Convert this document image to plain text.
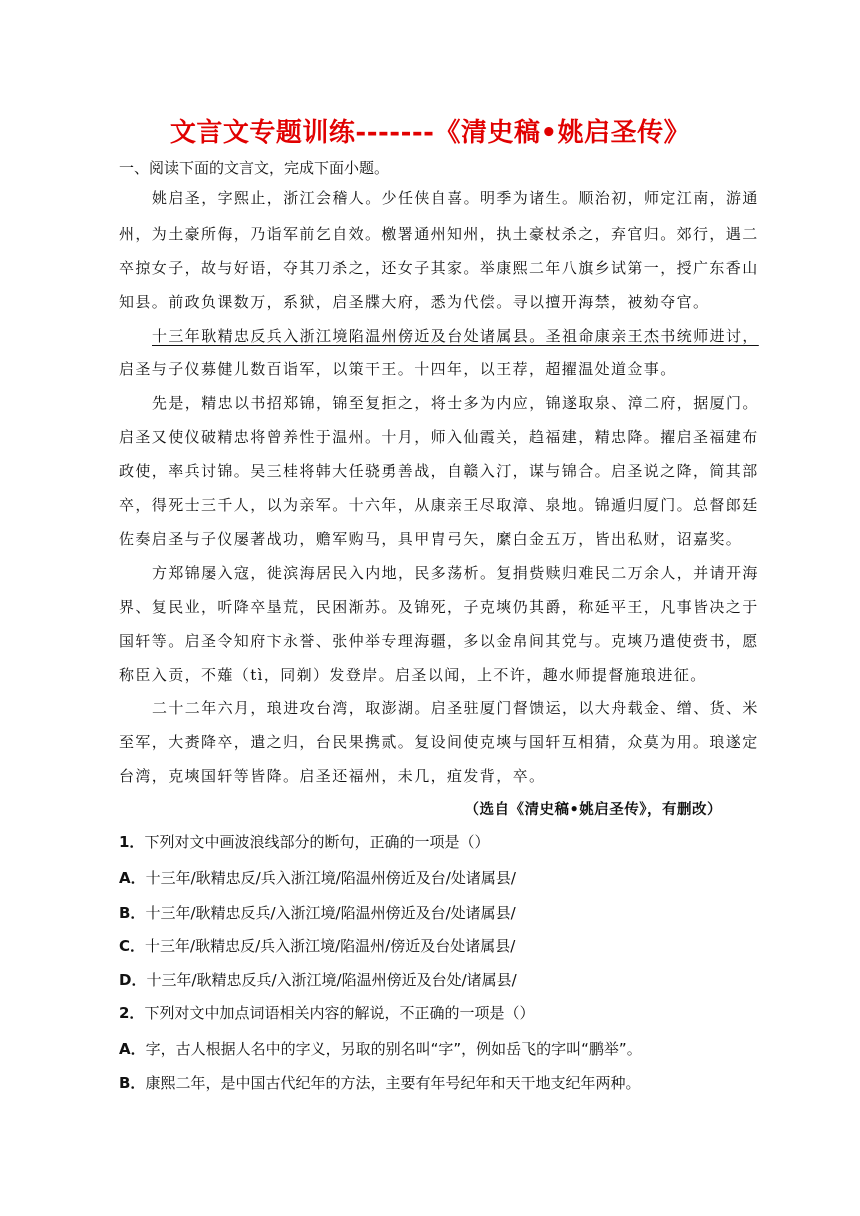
文言文专题训练-------《清史稿•姚启圣传》
一、阅读下面的文言文，完成下面小题。
姚启圣，字熙止，浙江会稽人。少任侠自喜。明季为诸生。顺治初，师定江南，游通
州，为土豪所侮，乃诣军前乞自效。檄署通州知州，执土豪杖杀之，弃官归。郊行，遇二
卒掠女子，故与好语，夺其刀杀之，还女子其家。举康熙二年八旗乡试第一，授广东香山
知县。前政负课数万，系狱，启圣牒大府，悉为代偿。寻以擅开海禁，被劾夺官。
十三年耿精忠反兵入浙江境陷温州傍近及台处诸属县。圣祖命康亲王杰书统师进讨，
启圣与子仪募健儿数百诣军，以策干王。十四年，以王荐，超擢温处道佥事。
先是，精忠以书招郑锦，锦至复拒之，将士多为内应，锦遂取泉、漳二府，据厦门。
启圣又使仪破精忠将曾养性于温州。十月，师入仙霞关，趋福建，精忠降。擢启圣福建布
政使，率兵讨锦。吴三桂将韩大任骁勇善战，自赣入汀，谋与锦合。启圣说之降，简其部
卒，得死士三千人，以为亲军。十六年，从康亲王尽取漳、泉地。锦遁归厦门。总督郎廷
佐奏启圣与子仪屡著战功，赡军购马，具甲胄弓矢，縻白金五万，皆出私财，诏嘉奖。
方郑锦屡入寇，徙滨海居民入内地，民多荡析。复捐赀赎归难民二万余人，并请开海
界、复民业，听降卒垦荒，民困渐苏。及锦死，子克塽仍其爵，称延平王，凡事皆决之于
国轩等。启圣令知府卞永誉、张仲举专理海疆，多以金帛间其党与。克塽乃遣使赍书，愿
称臣入贡，不薙（tì，同剃）发登岸。启圣以闻，上不许，趣水师提督施琅进征。
二十二年六月，琅进攻台湾，取澎湖。启圣驻厦门督馈运，以大舟载金、缯、货、米
至军，大赉降卒，遣之归，台民果携贰。复设间使克塽与国轩互相猜，众莫为用。琅遂定
台湾，克塽国轩等皆降。启圣还福州，未几，疽发背，卒。
（选自《清史稿•姚启圣传》，有删改）
1．下列对文中画波浪线部分的断句，正确的一项是（）
A．十三年/耿精忠反/兵入浙江境/陷温州傍近及台/处诸属县/
B．十三年/耿精忠反兵/入浙江境/陷温州傍近及台/处诸属县/
C．十三年/耿精忠反/兵入浙江境/陷温州/傍近及台处诸属县/
D．十三年/耿精忠反兵/入浙江境/陷温州傍近及台处/诸属县/
2．下列对文中加点词语相关内容的解说，不正确的一项是（）
A．字，古人根据人名中的字义，另取的别名叫“字”，例如岳飞的字叫“鹏举”。
B．康熙二年，是中国古代纪年的方法，主要有年号纪年和天干地支纪年两种。
